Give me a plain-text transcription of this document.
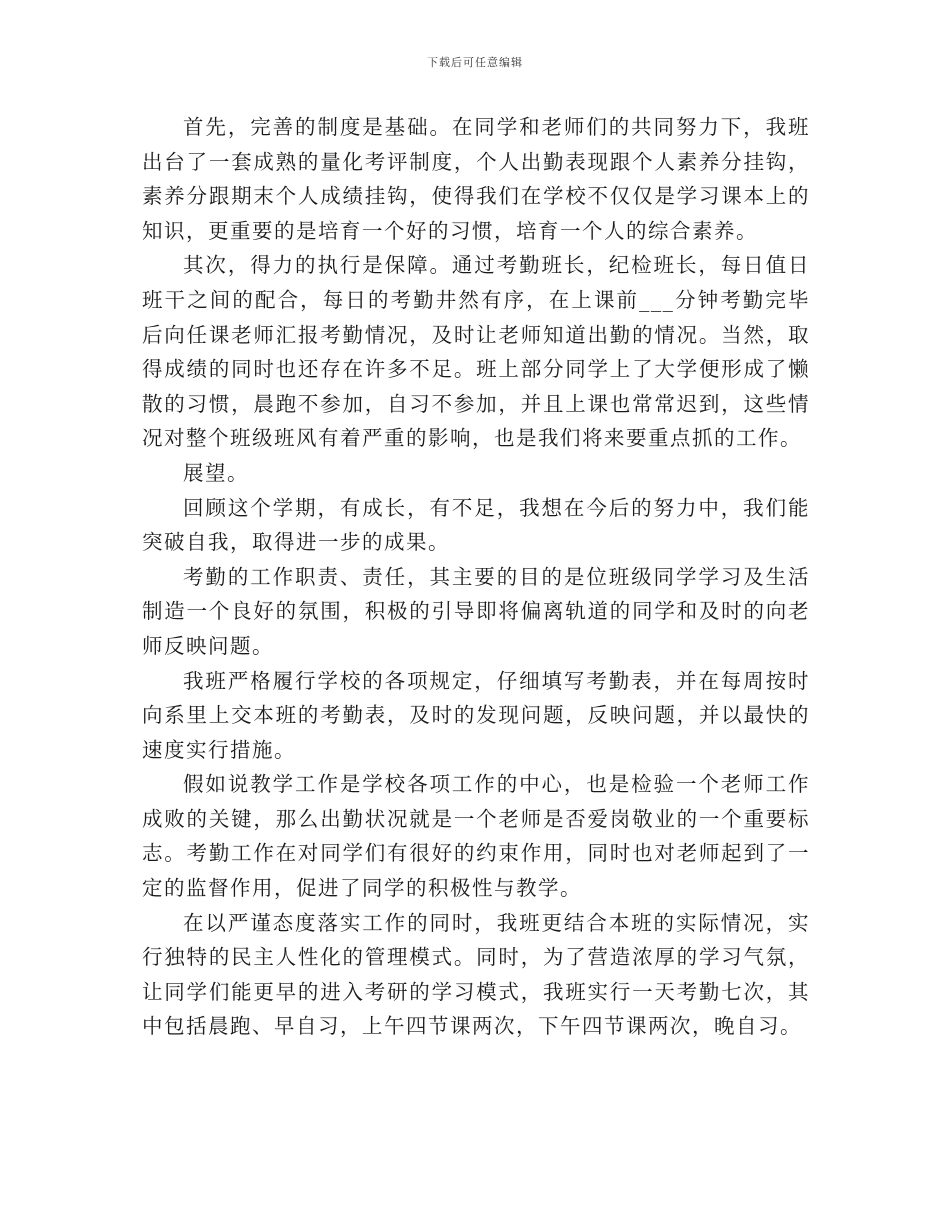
下载后可任意编辑

首先，完善的制度是基础。在同学和老师们的共同努力下，我班出台了一套成熟的量化考评制度，个人出勤表现跟个人素养分挂钩，素养分跟期末个人成绩挂钩，使得我们在学校不仅仅是学习课本上的知识，更重要的是培育一个好的习惯，培育一个人的综合素养。

其次，得力的执行是保障。通过考勤班长，纪检班长，每日值日班干之间的配合，每日的考勤井然有序，在上课前___分钟考勤完毕后向任课老师汇报考勤情况，及时让老师知道出勤的情况。当然，取得成绩的同时也还存在许多不足。班上部分同学上了大学便形成了懒散的习惯，晨跑不参加，自习不参加，并且上课也常常迟到，这些情况对整个班级班风有着严重的影响，也是我们将来要重点抓的工作。

展望。

回顾这个学期，有成长，有不足，我想在今后的努力中，我们能突破自我，取得进一步的成果。

考勤的工作职责、责任，其主要的目的是位班级同学学习及生活制造一个良好的氛围，积极的引导即将偏离轨道的同学和及时的向老师反映问题。

我班严格履行学校的各项规定，仔细填写考勤表，并在每周按时向系里上交本班的考勤表，及时的发现问题，反映问题，并以最快的速度实行措施。

假如说教学工作是学校各项工作的中心，也是检验一个老师工作成败的关键，那么出勤状况就是一个老师是否爱岗敬业的一个重要标志。考勤工作在对同学们有很好的约束作用，同时也对老师起到了一定的监督作用，促进了同学的积极性与教学。

在以严谨态度落实工作的同时，我班更结合本班的实际情况，实行独特的民主人性化的管理模式。同时，为了营造浓厚的学习气氛，让同学们能更早的进入考研的学习模式，我班实行一天考勤七次，其中包括晨跑、早自习，上午四节课两次，下午四节课两次，晚自习。
